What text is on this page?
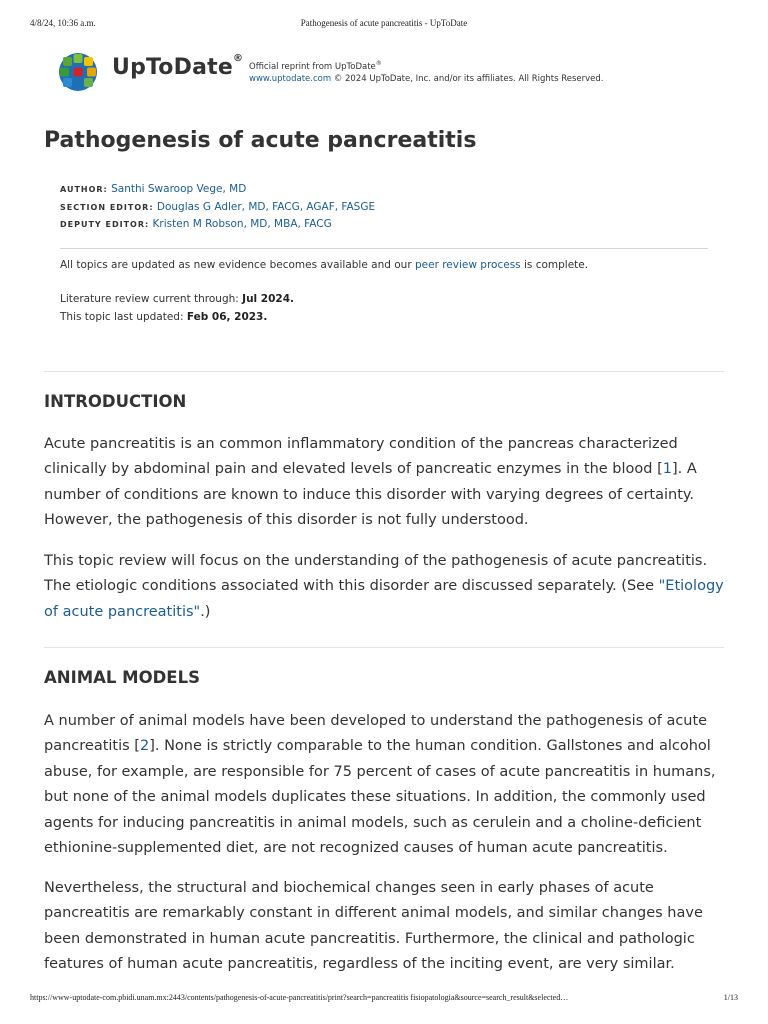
4/8/24, 10:36 a.m.	Pathogenesis of acute pancreatitis - UpToDate
UpToDate®
Official reprint from UpToDate®
www.uptodate.com © 2024 UpToDate, Inc. and/or its affiliates. All Rights Reserved.
Pathogenesis of acute pancreatitis
AUTHOR: Santhi Swaroop Vege, MD
SECTION EDITOR: Douglas G Adler, MD, FACG, AGAF, FASGE
DEPUTY EDITOR: Kristen M Robson, MD, MBA, FACG
All topics are updated as new evidence becomes available and our peer review process is complete.
Literature review current through: Jul 2024.
This topic last updated: Feb 06, 2023.
INTRODUCTION

Acute pancreatitis is an common inflammatory condition of the pancreas characterized clinically by abdominal pain and elevated levels of pancreatic enzymes in the blood [1]. A number of conditions are known to induce this disorder with varying degrees of certainty. However, the pathogenesis of this disorder is not fully understood.

This topic review will focus on the understanding of the pathogenesis of acute pancreatitis. The etiologic conditions associated with this disorder are discussed separately. (See "Etiology of acute pancreatitis".)

ANIMAL MODELS

A number of animal models have been developed to understand the pathogenesis of acute pancreatitis [2]. None is strictly comparable to the human condition. Gallstones and alcohol abuse, for example, are responsible for 75 percent of cases of acute pancreatitis in humans, but none of the animal models duplicates these situations. In addition, the commonly used agents for inducing pancreatitis in animal models, such as cerulein and a choline-deficient ethionine-supplemented diet, are not recognized causes of human acute pancreatitis.

Nevertheless, the structural and biochemical changes seen in early phases of acute pancreatitis are remarkably constant in different animal models, and similar changes have been demonstrated in human acute pancreatitis. Furthermore, the clinical and pathologic features of human acute pancreatitis, regardless of the inciting event, are very similar.

https://www-uptodate-com.pbidi.unam.mx:2443/contents/pathogenesis-of-acute-pancreatitis/print?search=pancreatitis fisiopatologia&source=search_result&selected…	1/13
